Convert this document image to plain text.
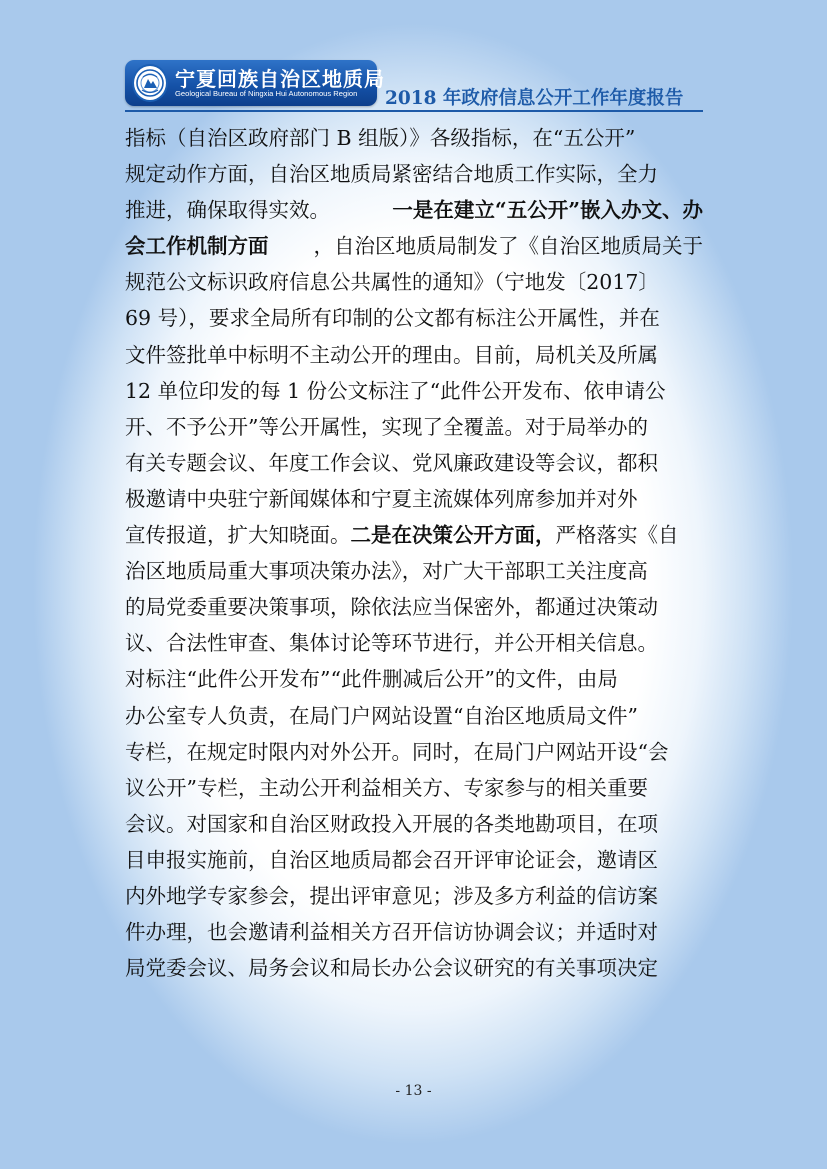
宁夏回族自治区地质局
Geological Bureau of Ningxia Hui Autonomous Region 2018 年政府信息公开工作年度报告
指标（自治区政府部门 B 组版）》各级指标，在“五公开”
规定动作方面，自治区地质局紧密结合地质工作实际，全力
推进，确保取得实效。	一是在建立“五公开”嵌入办文、办
会工作机制方面 ，自治区地质局制发了《自治区地质局关于
规范公文标识政府信息公共属性的通知》（宁地发〔2017〕
69 号），要求全局所有印制的公文都有标注公开属性，并在
文件签批单中标明不主动公开的理由。目前，局机关及所属
12 单位印发的每 1 份公文标注了“此件公开发布、依申请公
开、不予公开”等公开属性，实现了全覆盖。对于局举办的
有关专题会议、年度工作会议、党风廉政建设等会议，都积
极邀请中央驻宁新闻媒体和宁夏主流媒体列席参加并对外
宣传报道，扩大知晓面。 二是在决策公开方面， 严格落实《自
治区地质局重大事项决策办法》，对广大干部职工关注度高
的局党委重要决策事项，除依法应当保密外，都通过决策动
议、合法性审查、集体讨论等环节进行，并公开相关信息。
对标注“此件公开发布”“此件删减后公开”的文件，由局
办公室专人负责，在局门户网站设置“自治区地质局文件”
专栏，在规定时限内对外公开。同时，在局门户网站开设“会
议公开”专栏，主动公开利益相关方、专家参与的相关重要
会议。对国家和自治区财政投入开展的各类地勘项目，在项
目申报实施前，自治区地质局都会召开评审论证会，邀请区
内外地学专家参会，提出评审意见；涉及多方利益的信访案
件办理，也会邀请利益相关方召开信访协调会议；并适时对
局党委会议、局务会议和局长办公会议研究的有关事项决定
- 13 -
